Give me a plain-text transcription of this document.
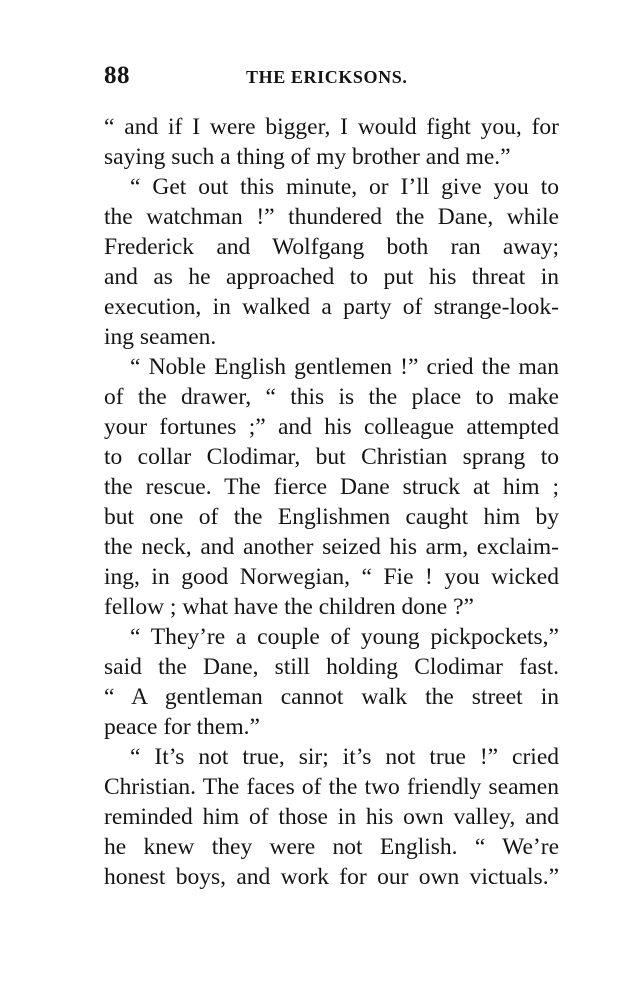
88	THE ERICKSONS.
“ and if I were bigger, I would fight you, for
saying such a thing of my brother and me.”
“ Get out this minute, or I’ll give you to
the watchman !” thundered the Dane, while
Frederick and Wolfgang both ran away;
and as he approached to put his threat in
execution, in walked a party of strange-look-
ing seamen.
“ Noble English gentlemen !” cried the man
of the drawer, “ this is the place to make
your fortunes ;” and his colleague attempted
to collar Clodimar, but Christian sprang to
the rescue. The fierce Dane struck at him ;
but one of the Englishmen caught him by
the neck, and another seized his arm, exclaim-
ing, in good Norwegian, “ Fie ! you wicked
fellow ; what have the children done ?”
“ They’re a couple of young pickpockets,”
said the Dane, still holding Clodimar fast.
“ A gentleman cannot walk the street in
peace for them.”
“ It’s not true, sir; it’s not true !” cried
Christian. The faces of the two friendly seamen
reminded him of those in his own valley, and
he knew they were not English. “ We’re
honest boys, and work for our own victuals.”
